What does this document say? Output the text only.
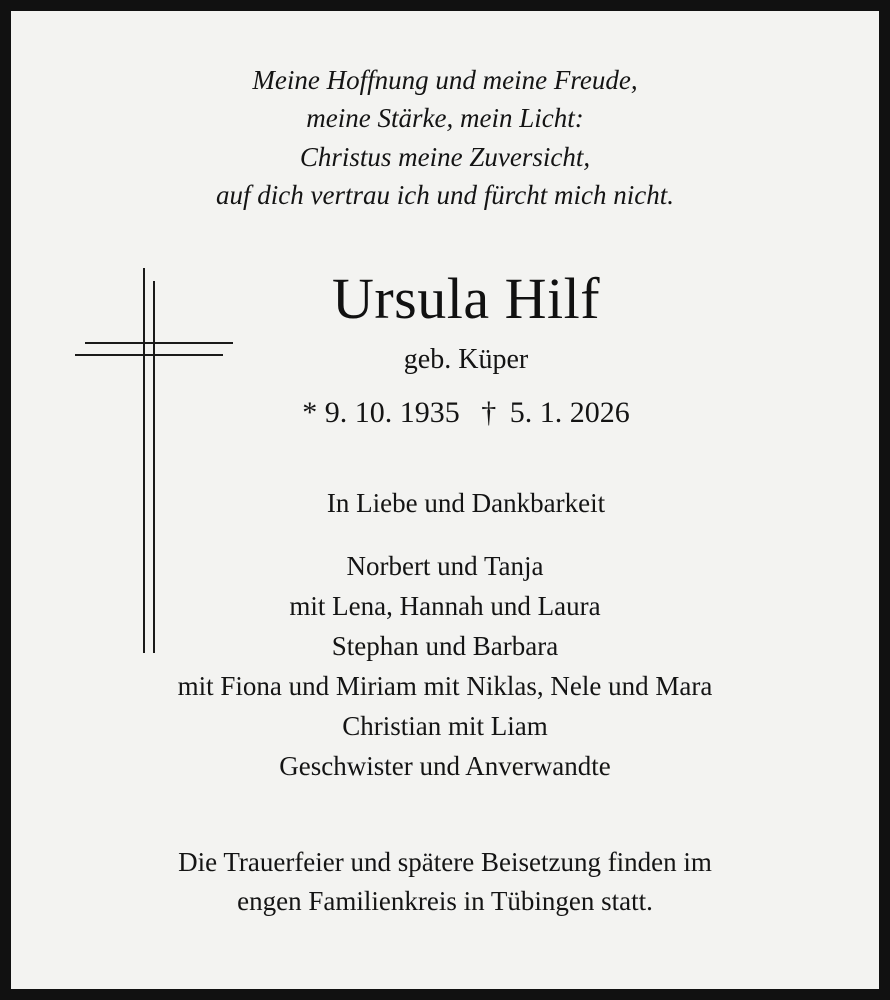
Meine Hoffnung und meine Freude,
meine Stärke, mein Licht:
Christus meine Zuversicht,
auf dich vertrau ich und fürcht mich nicht.
Ursula Hilf
geb. Küper
* 9. 10. 1935 † 5. 1. 2026
In Liebe und Dankbarkeit
Norbert und Tanja
mit Lena, Hannah und Laura
Stephan und Barbara
mit Fiona und Miriam mit Niklas, Nele und Mara
Christian mit Liam
Geschwister und Anverwandte
Die Trauerfeier und spätere Beisetzung finden im
engen Familienkreis in Tübingen statt.
